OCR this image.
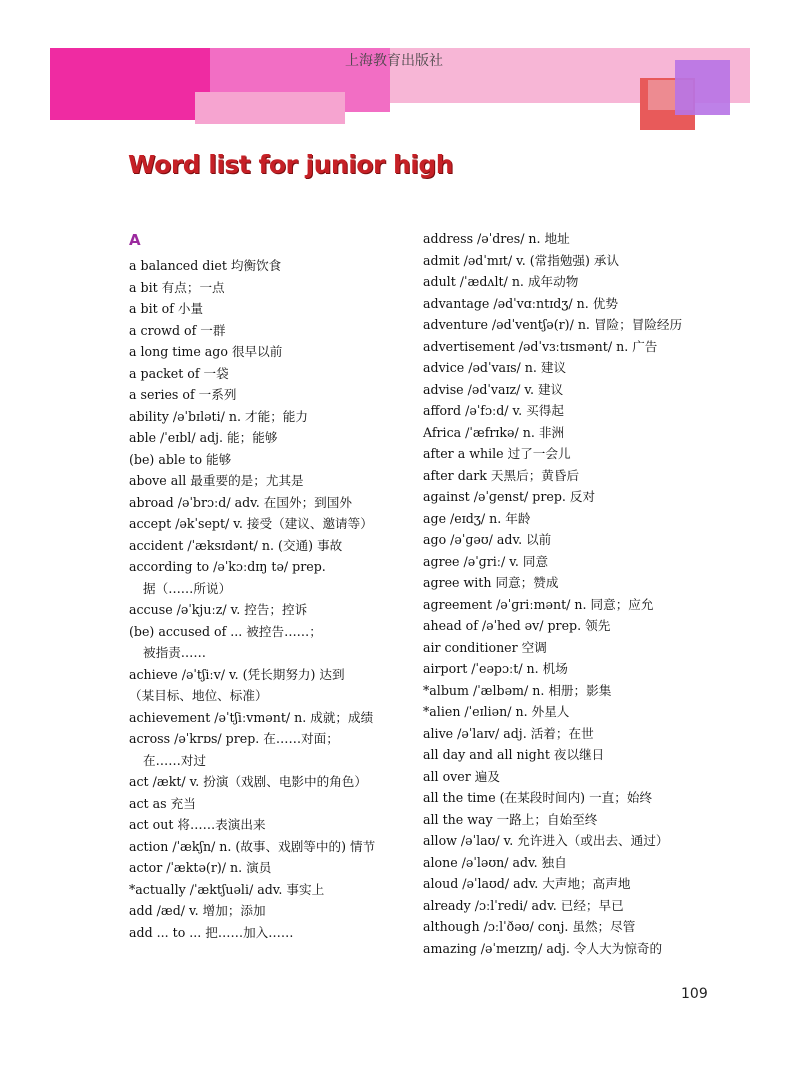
上海教育出版社
Word list for junior high
A
a balanced diet 均衡饮食
a bit 有点；一点
a bit of 小量
a crowd of 一群
a long time ago 很早以前
a packet of 一袋
a series of 一系列
ability /əˈbɪləti/ n. 才能；能力
able /ˈeɪbl/ adj. 能；能够
(be) able to 能够
above all 最重要的是；尤其是
abroad /əˈbrɔːd/ adv. 在国外；到国外
accept /əkˈsept/ v. 接受（建议、邀请等）
accident /ˈæksɪdənt/ n. (交通) 事故
according to /əˈkɔːdɪŋ tə/ prep.
据（……所说）
accuse /əˈkjuːz/ v. 控告；控诉
(be) accused of ... 被控告……；
被指责……
achieve /əˈtʃiːv/ v. (凭长期努力) 达到
（某目标、地位、标准）
achievement /əˈtʃiːvmənt/ n. 成就；成绩
across /əˈkrɒs/ prep. 在……对面；
在……对过
act /ækt/ v. 扮演（戏剧、电影中的角色）
act as 充当
act out 将……表演出来
action /ˈækʃn/ n. (故事、戏剧等中的) 情节
actor /ˈæktə(r)/ n. 演员
*actually /ˈæktʃuəli/ adv. 事实上
add /æd/ v. 增加；添加
add ... to ... 把……加入……
address /əˈdres/ n. 地址
admit /ədˈmɪt/ v. (常指勉强) 承认
adult /ˈædʌlt/ n. 成年动物
advantage /ədˈvɑːntɪdʒ/ n. 优势
adventure /ədˈventʃə(r)/ n. 冒险；冒险经历
advertisement /ədˈvɜːtɪsmənt/ n. 广告
advice /ədˈvaɪs/ n. 建议
advise /ədˈvaɪz/ v. 建议
afford /əˈfɔːd/ v. 买得起
Africa /ˈæfrɪkə/ n. 非洲
after a while 过了一会儿
after dark 天黑后；黄昏后
against /əˈɡenst/ prep. 反对
age /eɪdʒ/ n. 年龄
ago /əˈɡəʊ/ adv. 以前
agree /əˈɡriː/ v. 同意
agree with 同意；赞成
agreement /əˈɡriːmənt/ n. 同意；应允
ahead of /əˈhed əv/ prep. 领先
air conditioner 空调
airport /ˈeəpɔːt/ n. 机场
*album /ˈælbəm/ n. 相册；影集
*alien /ˈeɪliən/ n. 外星人
alive /əˈlaɪv/ adj. 活着；在世
all day and all night 夜以继日
all over 遍及
all the time (在某段时间内) 一直；始终
all the way 一路上；自始至终
allow /əˈlaʊ/ v. 允许进入（或出去、通过）
alone /əˈləʊn/ adv. 独自
aloud /əˈlaʊd/ adv. 大声地；高声地
already /ɔːlˈredi/ adv. 已经；早已
although /ɔːlˈðəʊ/ conj. 虽然；尽管
amazing /əˈmeɪzɪŋ/ adj. 令人大为惊奇的
109
